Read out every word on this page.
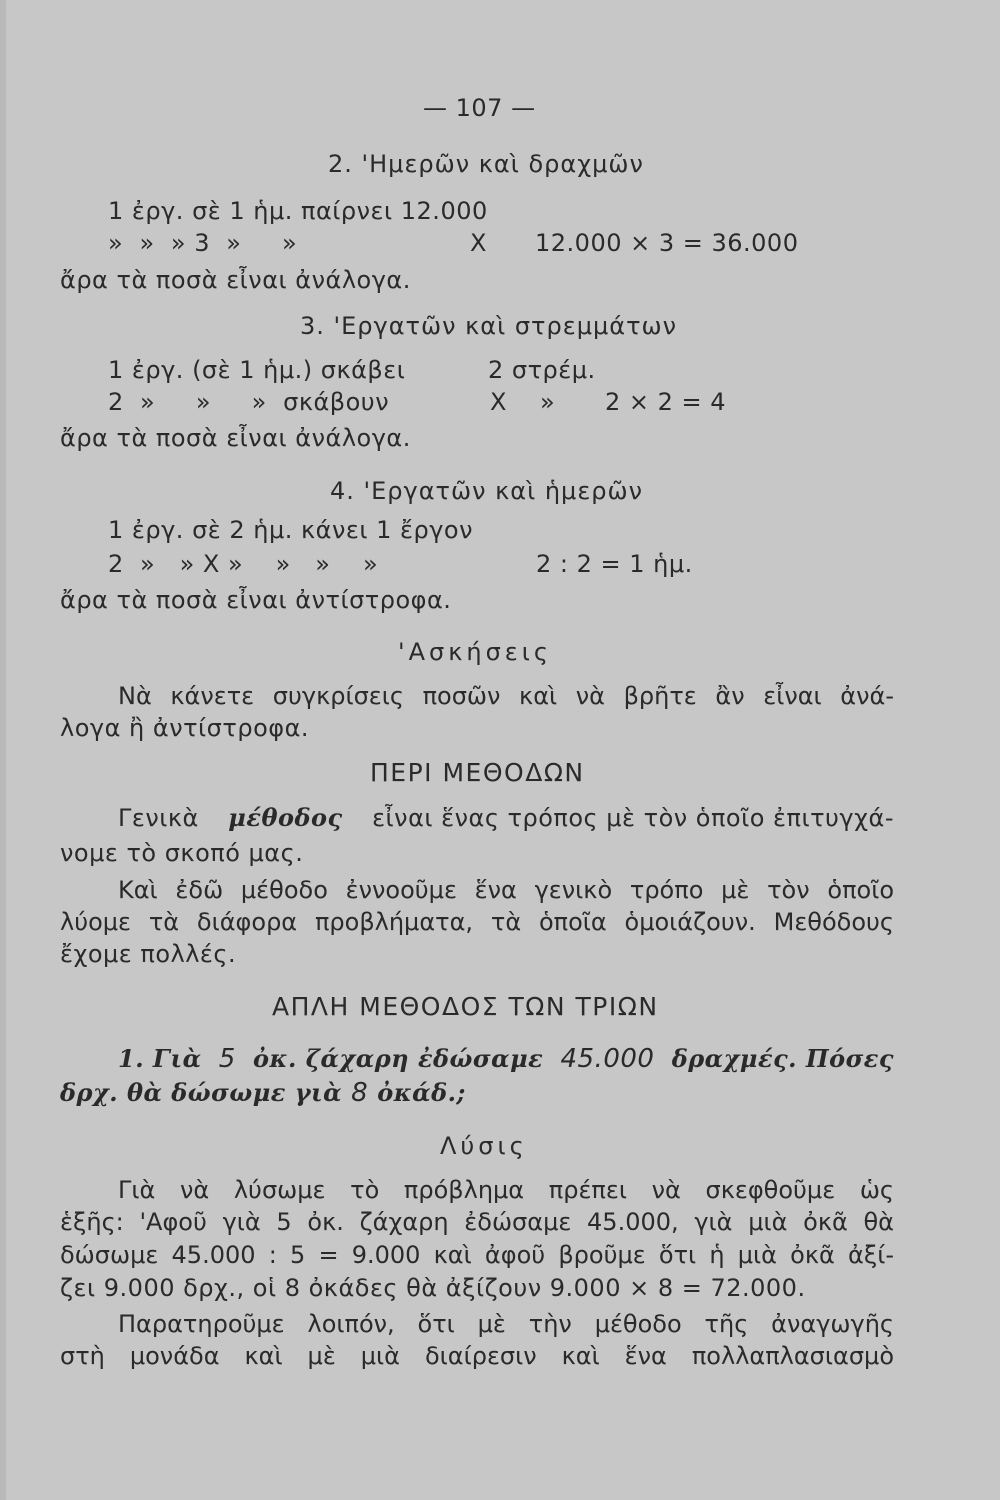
— 107 —
2. 'Ημερῶν καὶ δραχμῶν
1 ἐργ. σὲ 1 ἡμ. παίρνει 12.000
»  »  » 3  »     »	X 12.000 × 3 = 36.000
ἄρα τὰ ποσὰ εἶναι ἀνάλογα.
3. 'Εργατῶν καὶ στρεμμάτων
1 ἐργ. (σὲ 1 ἡμ.) σκάβει	2 στρέμ.
2  »     »     »  σκάβουν	X » 2 × 2 = 4
ἄρα τὰ ποσὰ εἶναι ἀνάλογα.
4. 'Εργατῶν καὶ ἡμερῶν
1 ἐργ. σὲ 2 ἡμ. κάνει 1 ἔργον
2  »   » X »    »   »    »	2 : 2 = 1 ἡμ.
ἄρα τὰ ποσὰ εἶναι ἀντίστροφα.
'Ασκήσεις
Νὰ κάνετε συγκρίσεις ποσῶν καὶ νὰ βρῆτε ἂν εἶναι ἀνά-
λογα ἢ ἀντίστροφα.
ΠΕΡΙ ΜΕΘΟΔΩΝ
Γενικὰ μέθοδος εἶναι ἕνας τρόπος μὲ τὸν ὁποῖο ἐπιτυγχά-
νομε τὸ σκοπό μας.
Καὶ ἐδῶ μέθοδο ἐννοοῦμε ἕνα γενικὸ τρόπο μὲ τὸν ὁποῖο
λύομε τὰ διάφορα προβλήματα, τὰ ὁποῖα ὁμοιάζουν. Μεθόδους
ἔχομε πολλές.
ΑΠΛΗ ΜΕΘΟΔΟΣ ΤΩΝ ΤΡΙΩΝ
1. Γιὰ 5 ὀκ. ζάχαρη ἐδώσαμε 45.000 δραχμές. Πόσες
δρχ. θὰ δώσωμε γιὰ 8 ὀκάδ.;
Λύσις
Γιὰ νὰ λύσωμε τὸ πρόβλημα πρέπει νὰ σκεφθοῦμε ὡς
ἑξῆς: 'Αφοῦ γιὰ 5 ὀκ. ζάχαρη ἐδώσαμε 45.000, γιὰ μιὰ ὀκᾶ θὰ
δώσωμε 45.000 : 5 = 9.000 καὶ ἀφοῦ βροῦμε ὅτι ἡ μιὰ ὀκᾶ ἀξί-
ζει 9.000 δρχ., οἱ 8 ὀκάδες θὰ ἀξίζουν 9.000 × 8 = 72.000.
Παρατηροῦμε λοιπόν, ὅτι μὲ τὴν μέθοδο τῆς ἀναγωγῆς
στὴ μονάδα καὶ μὲ μιὰ διαίρεσιν καὶ ἕνα πολλαπλασιασμὸ
